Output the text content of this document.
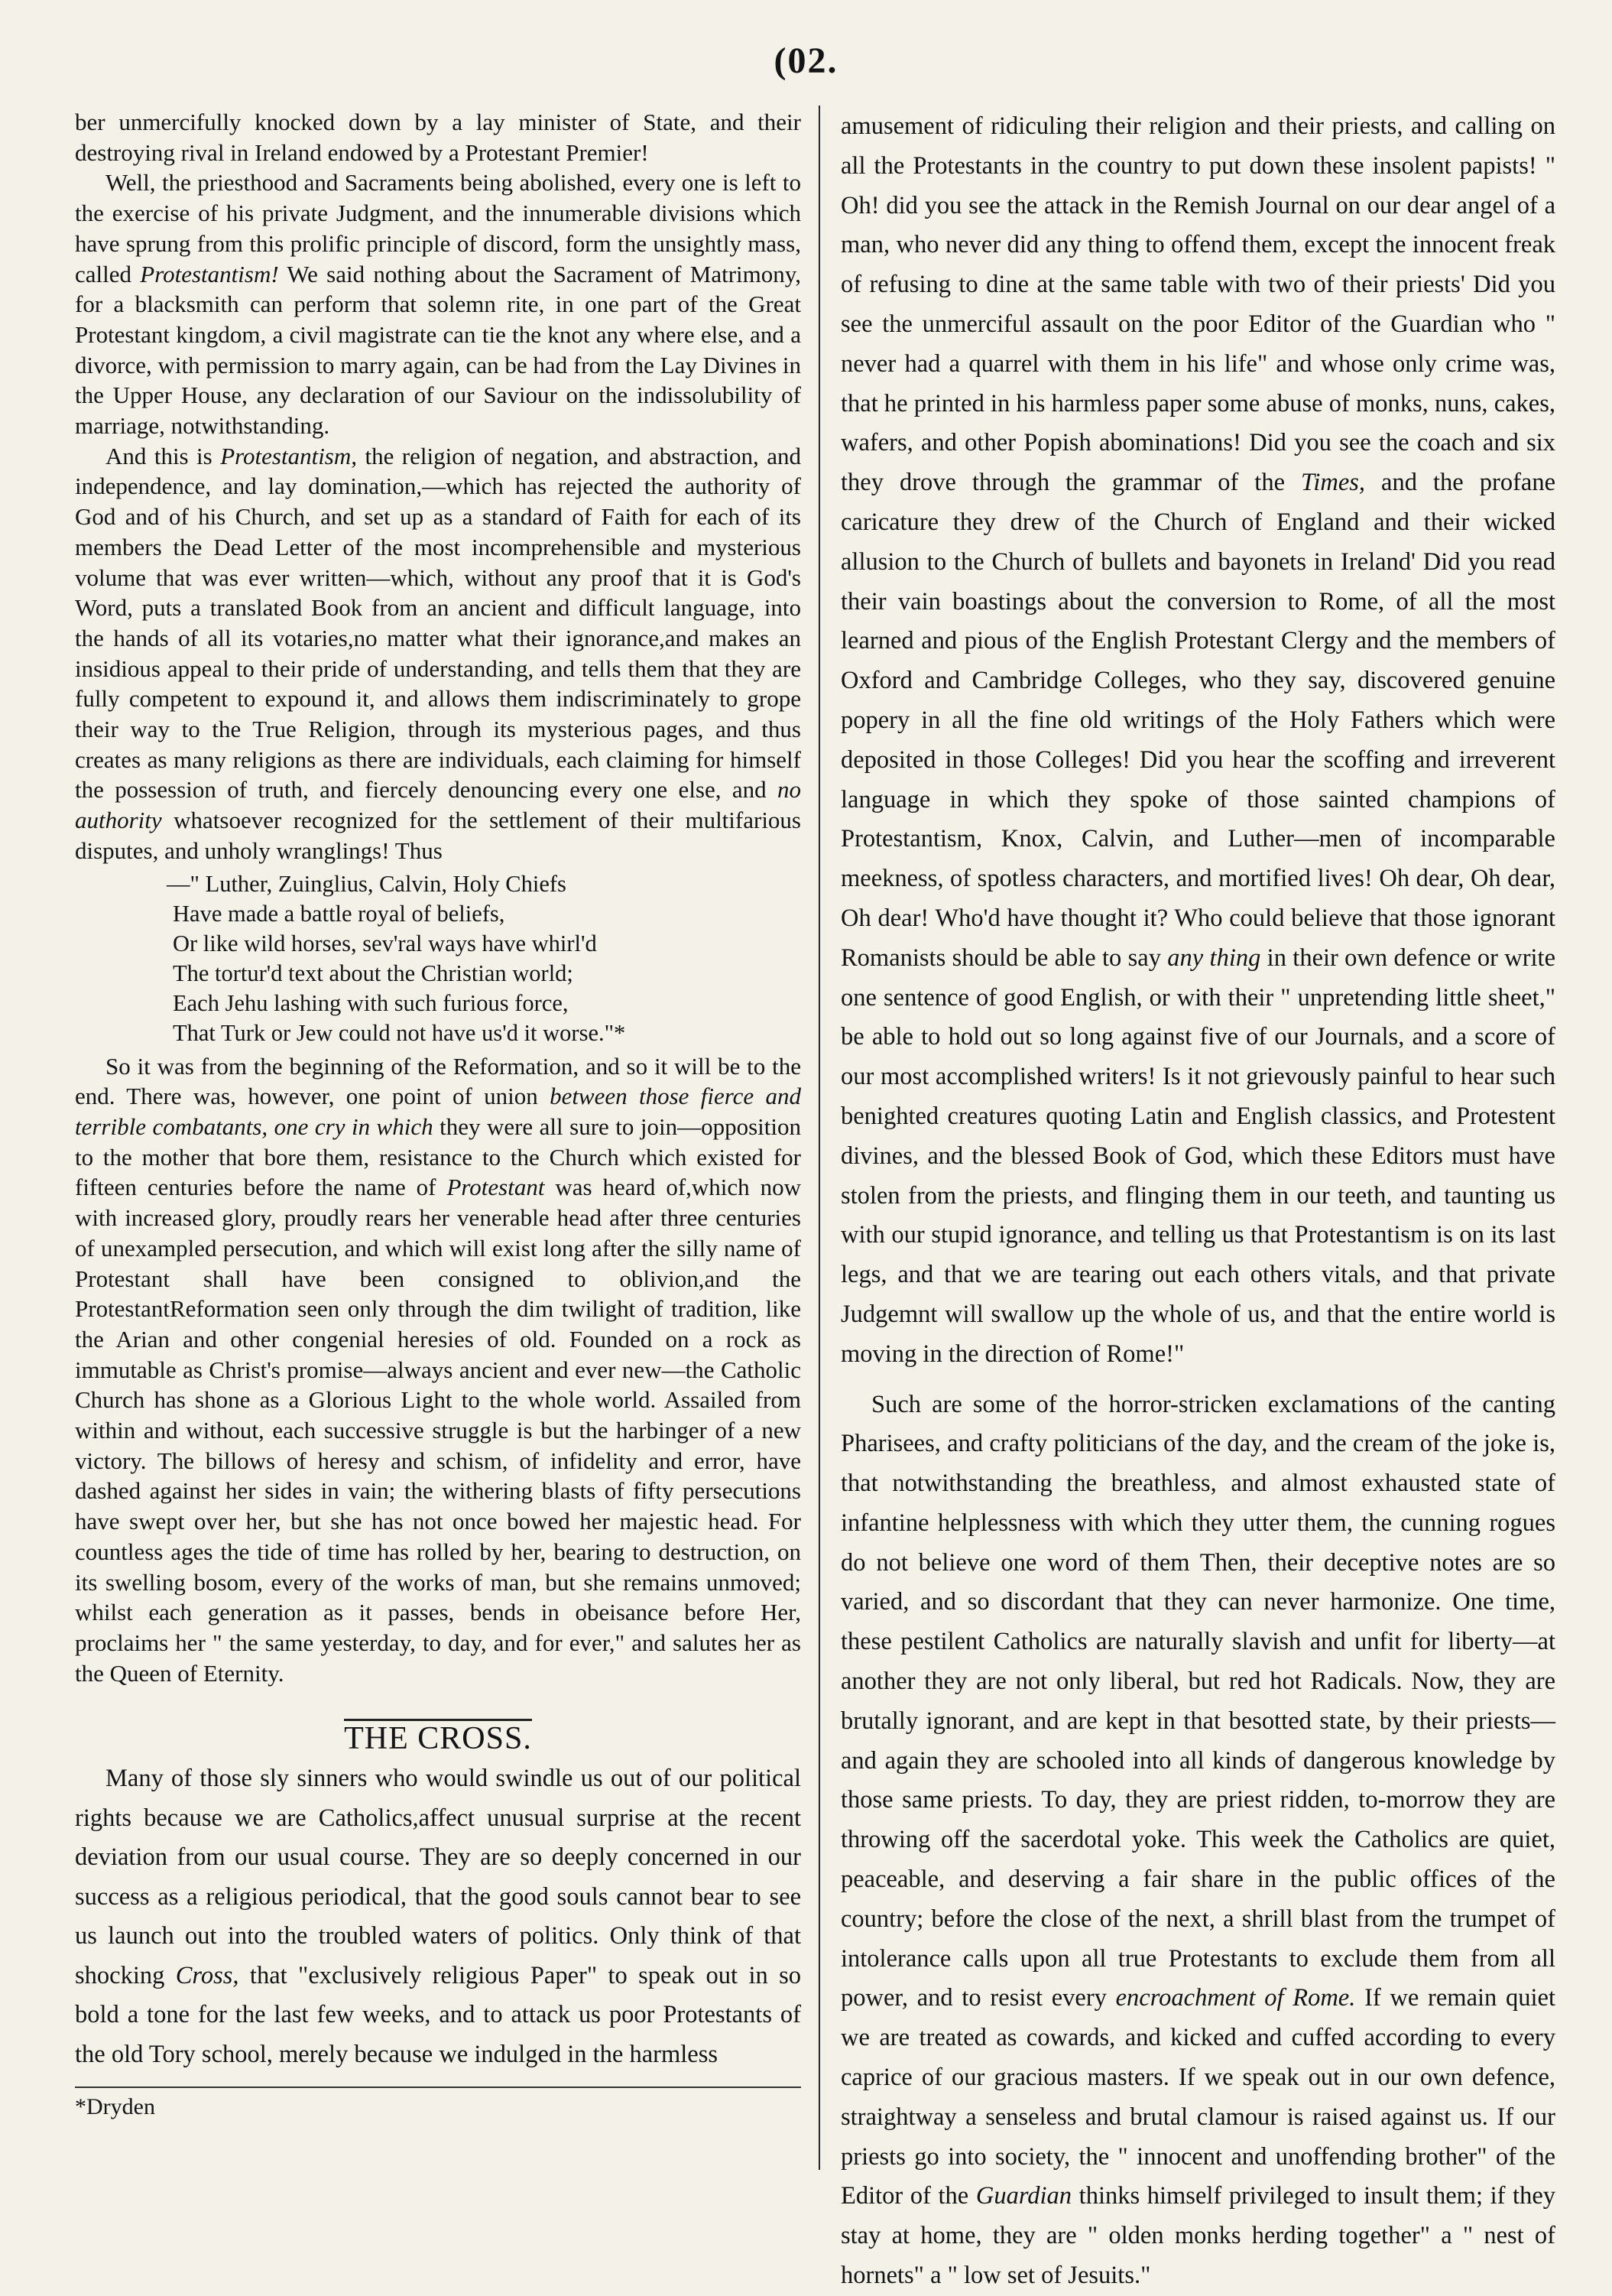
(02.

ber unmercifully knocked down by a lay minister of State, and their destroying rival in Ireland endowed by a Protestant Premier!

Well, the priesthood and Sacraments being abolished, every one is left to the exercise of his private Judgment, and the innumerable divisions which have sprung from this prolific principle of discord, form the unsightly mass, called Protestantism! We said nothing about the Sacrament of Matrimony, for a blacksmith can perform that solemn rite, in one part of the Great Protestant kingdom, a civil magistrate can tie the knot any where else, and a divorce, with permission to marry again, can be had from the Lay Divines in the Upper House, any declaration of our Saviour on the indissolubility of marriage, notwithstanding.

And this is Protestantism, the religion of negation, and abstraction, and independence, and lay domination,—which has rejected the authority of God and of his Church, and set up as a standard of Faith for each of its members the Dead Letter of the most incomprehensible and mysterious volume that was ever written—which, without any proof that it is God's Word, puts a translated Book from an ancient and difficult language, into the hands of all its votaries,no matter what their ignorance,and makes an insidious appeal to their pride of understanding, and tells them that they are fully competent to expound it, and allows them indiscriminately to grope their way to the True Religion, through its mysterious pages, and thus creates as many religions as there are individuals, each claiming for himself the possession of truth, and fiercely denouncing every one else, and no authority whatsoever recognized for the settlement of their multifarious disputes, and unholy wranglings! Thus

—" Luther, Zuinglius, Calvin, Holy Chiefs
Have made a battle royal of beliefs,
Or like wild horses, sev'ral ways have whirl'd
The tortur'd text about the Christian world;
Each Jehu lashing with such furious force,
That Turk or Jew could not have us'd it worse."*

So it was from the beginning of the Reformation, and so it will be to the end. There was, however, one point of union between those fierce and terrible combatants, one cry in which they were all sure to join—opposition to the mother that bore them, resistance to the Church which existed for fifteen centuries before the name of Protestant was heard of,which now with increased glory, proudly rears her venerable head after three centuries of unexampled persecution, and which will exist long after the silly name of Protestant shall have been consigned to oblivion,and the ProtestantReformation seen only through the dim twilight of tradition, like the Arian and other congenial heresies of old. Founded on a rock as immutable as Christ's promise—always ancient and ever new—the Catholic Church has shone as a Glorious Light to the whole world. Assailed from within and without, each successive struggle is but the harbinger of a new victory. The billows of heresy and schism, of infidelity and error, have dashed against her sides in vain; the withering blasts of fifty persecutions have swept over her, but she has not once bowed her majestic head. For countless ages the tide of time has rolled by her, bearing to destruction, on its swelling bosom, every of the works of man, but she remains unmoved; whilst each generation as it passes, bends in obeisance before Her, proclaims her " the same yesterday, to day, and for ever," and salutes her as the Queen of Eternity.

THE CROSS.

Many of those sly sinners who would swindle us out of our political rights because we are Catholics,affect unusual surprise at the recent deviation from our usual course. They are so deeply concerned in our success as a religious periodical, that the good souls cannot bear to see us launch out into the troubled waters of politics. Only think of that shocking Cross, that "exclusively religious Paper" to speak out in so bold a tone for the last few weeks, and to attack us poor Protestants of the old Tory school, merely because we indulged in the harmless

*Dryden

amusement of ridiculing their religion and their priests, and calling on all the Protestants in the country to put down these insolent papists! " Oh! did you see the attack in the Remish Journal on our dear angel of a man, who never did any thing to offend them, except the innocent freak of refusing to dine at the same table with two of their priests' Did you see the unmerciful assault on the poor Editor of the Guardian who " never had a quarrel with them in his life" and whose only crime was, that he printed in his harmless paper some abuse of monks, nuns, cakes, wafers, and other Popish abominations! Did you see the coach and six they drove through the grammar of the Times, and the profane caricature they drew of the Church of England and their wicked allusion to the Church of bullets and bayonets in Ireland' Did you read their vain boastings about the conversion to Rome, of all the most learned and pious of the English Protestant Clergy and the members of Oxford and Cambridge Colleges, who they say, discovered genuine popery in all the fine old writings of the Holy Fathers which were deposited in those Colleges! Did you hear the scoffing and irreverent language in which they spoke of those sainted champions of Protestantism, Knox, Calvin, and Luther—men of incomparable meekness, of spotless characters, and mortified lives! Oh dear, Oh dear, Oh dear! Who'd have thought it? Who could believe that those ignorant Romanists should be able to say any thing in their own defence or write one sentence of good English, or with their " unpretending little sheet," be able to hold out so long against five of our Journals, and a score of our most accomplished writers! Is it not grievously painful to hear such benighted creatures quoting Latin and English classics, and Protestent divines, and the blessed Book of God, which these Editors must have stolen from the priests, and flinging them in our teeth, and taunting us with our stupid ignorance, and telling us that Protestantism is on its last legs, and that we are tearing out each others vitals, and that private Judgemnt will swallow up the whole of us, and that the entire world is moving in the direction of Rome!"

Such are some of the horror-stricken exclamations of the canting Pharisees, and crafty politicians of the day, and the cream of the joke is, that notwithstanding the breathless, and almost exhausted state of infantine helplessness with which they utter them, the cunning rogues do not believe one word of them Then, their deceptive notes are so varied, and so discordant that they can never harmonize. One time, these pestilent Catholics are naturally slavish and unfit for liberty—at another they are not only liberal, but red hot Radicals. Now, they are brutally ignorant, and are kept in that besotted state, by their priests—and again they are schooled into all kinds of dangerous knowledge by those same priests. To day, they are priest ridden, to-morrow they are throwing off the sacerdotal yoke. This week the Catholics are quiet, peaceable, and deserving a fair share in the public offices of the country; before the close of the next, a shrill blast from the trumpet of intolerance calls upon all true Protestants to exclude them from all power, and to resist every encroachment of Rome. If we remain quiet we are treated as cowards, and kicked and cuffed according to every caprice of our gracious masters. If we speak out in our own defence, straightway a senseless and brutal clamour is raised against us. If our priests go into society, the " innocent and unoffending brother" of the Editor of the Guardian thinks himself privileged to insult them; if they stay at home, they are " olden monks herding together" a " nest of hornets" a " low set of Jesuits."
